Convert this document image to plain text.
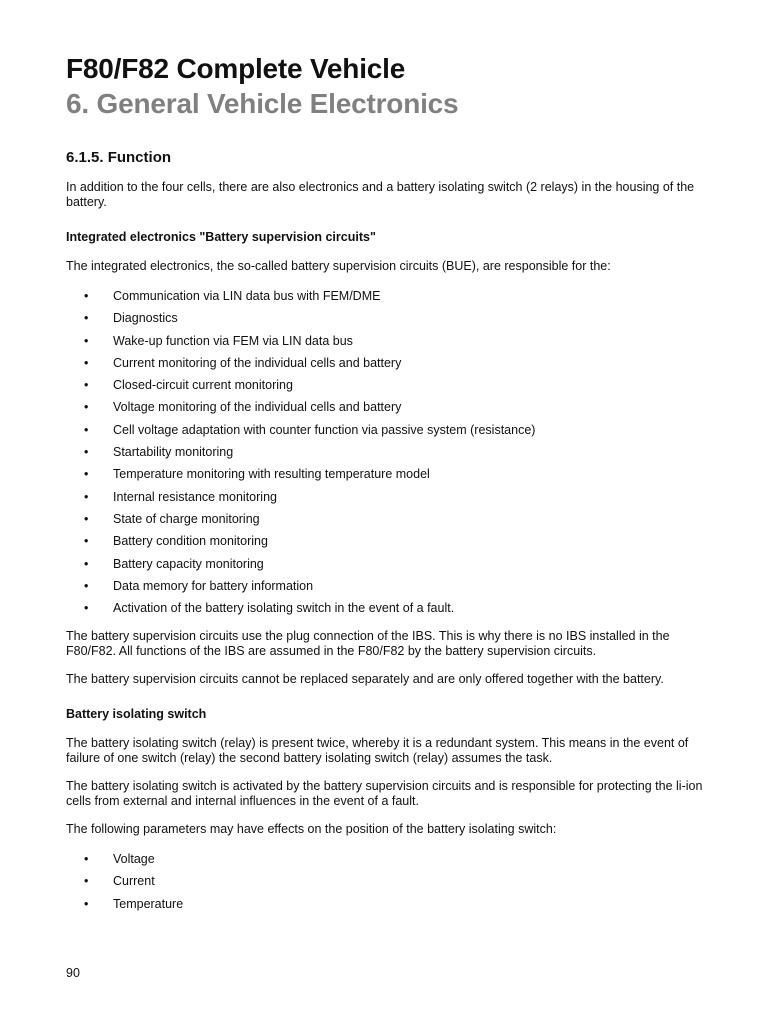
F80/F82 Complete Vehicle
6. General Vehicle Electronics
6.1.5. Function

In addition to the four cells, there are also electronics and a battery isolating switch (2 relays) in the housing of the battery.

Integrated electronics "Battery supervision circuits"

The integrated electronics, the so-called battery supervision circuits (BUE), are responsible for the:

• Communication via LIN data bus with FEM/DME
• Diagnostics
• Wake-up function via FEM via LIN data bus
• Current monitoring of the individual cells and battery
• Closed-circuit current monitoring
• Voltage monitoring of the individual cells and battery
• Cell voltage adaptation with counter function via passive system (resistance)
• Startability monitoring
• Temperature monitoring with resulting temperature model
• Internal resistance monitoring
• State of charge monitoring
• Battery condition monitoring
• Battery capacity monitoring
• Data memory for battery information
• Activation of the battery isolating switch in the event of a fault.

The battery supervision circuits use the plug connection of the IBS. This is why there is no IBS installed in the F80/F82. All functions of the IBS are assumed in the F80/F82 by the battery supervision circuits.

The battery supervision circuits cannot be replaced separately and are only offered together with the battery.

Battery isolating switch

The battery isolating switch (relay) is present twice, whereby it is a redundant system. This means in the event of failure of one switch (relay) the second battery isolating switch (relay) assumes the task.

The battery isolating switch is activated by the battery supervision circuits and is responsible for protecting the li-ion cells from external and internal influences in the event of a fault.

The following parameters may have effects on the position of the battery isolating switch:

• Voltage
• Current
• Temperature
90
